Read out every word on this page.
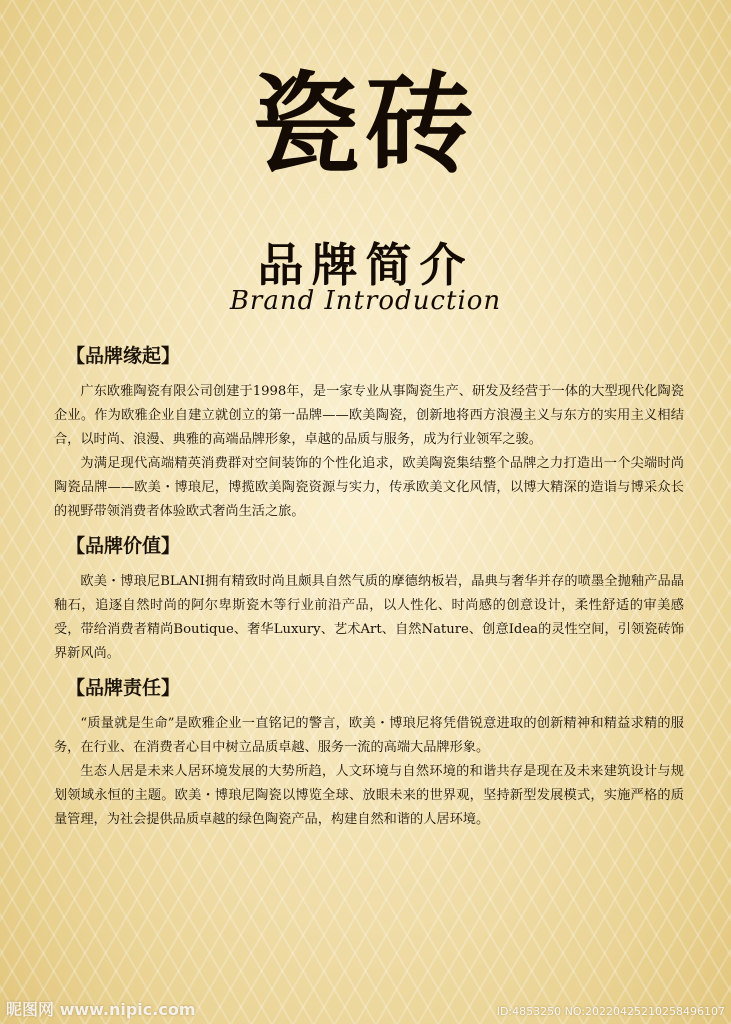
瓷砖
品牌简介
Brand Introduction
【品牌缘起】

广东欧雅陶瓷有限公司创建于1998年，是一家专业从事陶瓷生产、研发及经营于一体的大型现代化陶瓷企业。作为欧雅企业自建立就创立的第一品牌——欧美陶瓷，创新地将西方浪漫主义与东方的实用主义相结合，以时尚、浪漫、典雅的高端品牌形象，卓越的品质与服务，成为行业领军之骏。

为满足现代高端精英消费群对空间装饰的个性化追求，欧美陶瓷集结整个品牌之力打造出一个尖端时尚陶瓷品牌——欧美・博琅尼，博揽欧美陶瓷资源与实力，传承欧美文化风情，以博大精深的造诣与博采众长的视野带领消费者体验欧式奢尚生活之旅。

【品牌价值】

欧美・博琅尼BLANI拥有精致时尚且颇具自然气质的摩德纳板岩，晶典与奢华并存的喷墨全抛釉产品晶釉石，追逐自然时尚的阿尔卑斯瓷木等行业前沿产品，以人性化、时尚感的创意设计，柔性舒适的审美感受，带给消费者精尚Boutique、奢华Luxury、艺术Art、自然Nature、创意Idea的灵性空间，引领瓷砖饰界新风尚。

【品牌责任】

“质量就是生命”是欧雅企业一直铭记的警言，欧美・博琅尼将凭借锐意进取的创新精神和精益求精的服务，在行业、在消费者心目中树立品质卓越、服务一流的高端大品牌形象。

生态人居是未来人居环境发展的大势所趋，人文环境与自然环境的和谐共存是现在及未来建筑设计与规划领域永恒的主题。欧美・博琅尼陶瓷以博览全球、放眼未来的世界观，坚持新型发展模式，实施严格的质量管理，为社会提供品质卓越的绿色陶瓷产品，构建自然和谐的人居环境。

昵图网 www.nipic.com	ID:4853250 NO:20220425210258496107
